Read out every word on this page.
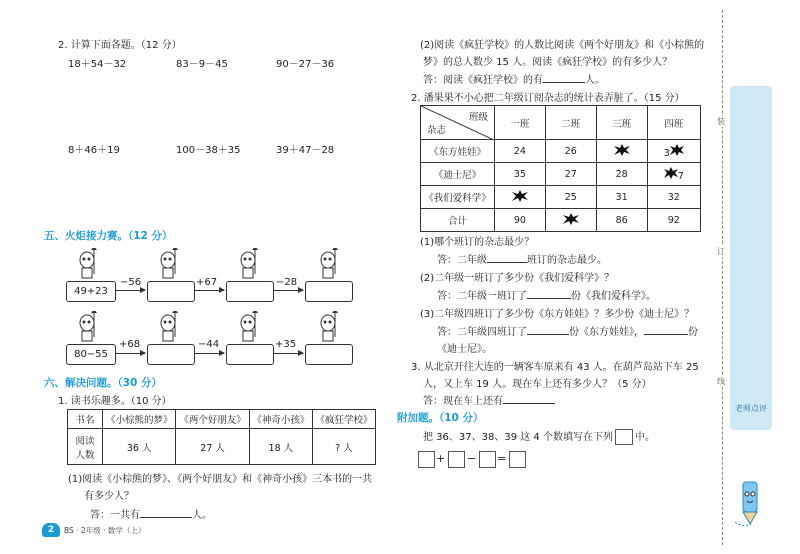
2. 计算下面各题。（12 分）
18＋54－32	83－9－45	90－27－36
8＋46＋19	100－38＋35	39＋47－28
五、火炬接力赛。（12 分）
49+23
−56	+67	−28
80−55
+68	−44	+35
六、解决问题。（30 分）
1. 读书乐趣多。（10 分）
书名	《小棕熊的梦》	《两个好朋友》	《神奇小孩》	《疯狂学校》

阅读
人数	36 人	27 人	18 人	? 人
(1)阅读《小棕熊的梦》、《两个好朋友》和《神奇小孩》三本书的一共
有多少人？
答：一共有	人。
2	BS · 2年级 · 数学（上）
(2)阅读《疯狂学校》的人数比阅读《两个好朋友》和《小棕熊的
梦》的总人数少 15 人。阅读《疯狂学校》的有多少人？
答：阅读《疯狂学校》的有	人。
2. 潘果果不小心把二年级订阅杂志的统计表弄脏了。（15 分）
班级
杂志	一班	二班	三班	四班
《东方娃娃》	24	26		3
《迪士尼》	35	27	28	7
《我们爱科学》		25	31	32
合计	90		86	92
(1)哪个班订的杂志最少？
答：二年级	班订的杂志最少。
(2)二年级一班订了多少份《我们爱科学》？
答：二年级一班订了	份《我们爱科学》。
(3)二年级四班订了多少份《东方娃娃》？多少份《迪士尼》？
答：二年级四班订了	份《东方娃娃》，	份
《迪士尼》。
3. 从北京开往大连的一辆客车原来有 43 人。在葫芦岛站下车 25
人，又上车 19 人。现在车上还有多少人？（5 分）
答：现在车上还有
附加题。（10 分）
把 36、37、38、39 这 4 个数填写在下列 中。
+ − =
装
订
线
老师点评
